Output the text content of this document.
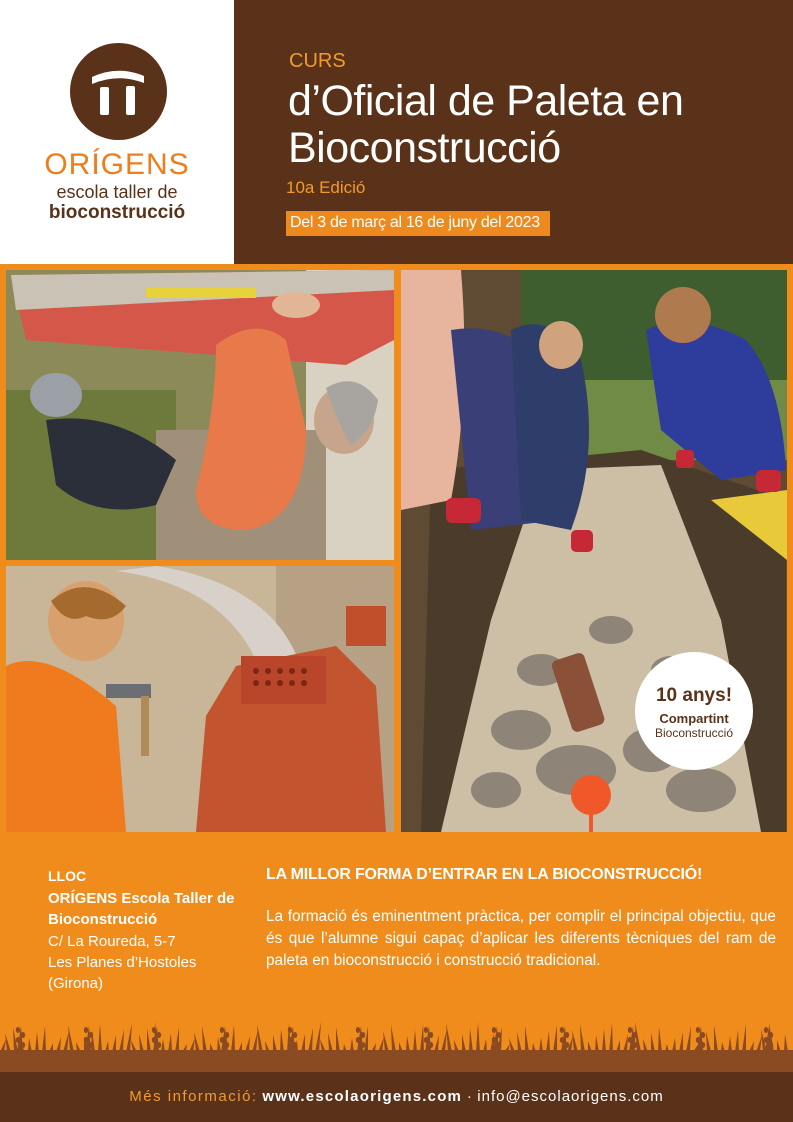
ORÍGENS
escola taller de
bioconstrucció
CURS
d’Oficial de Paleta en Bioconstrucció
10a Edició
Del 3 de març al 16 de juny del 2023
10 anys!
Compartint
Bioconstrucció
LLOC
ORÍGENS Escola Taller de Bioconstrucció
C/ La Roureda, 5-7
Les Planes d’Hostoles
(Girona)
LA MILLOR FORMA D’ENTRAR EN LA BIOCONSTRUCCIÓ!
La formació és eminentment pràctica, per complir el principal objectiu, que és que l’alumne sigui capaç d’aplicar les diferents tècniques del ram de paleta en bioconstrucció i construcció tradicional.
Més informació: www.escolaorigens.com · info@escolaorigens.com
